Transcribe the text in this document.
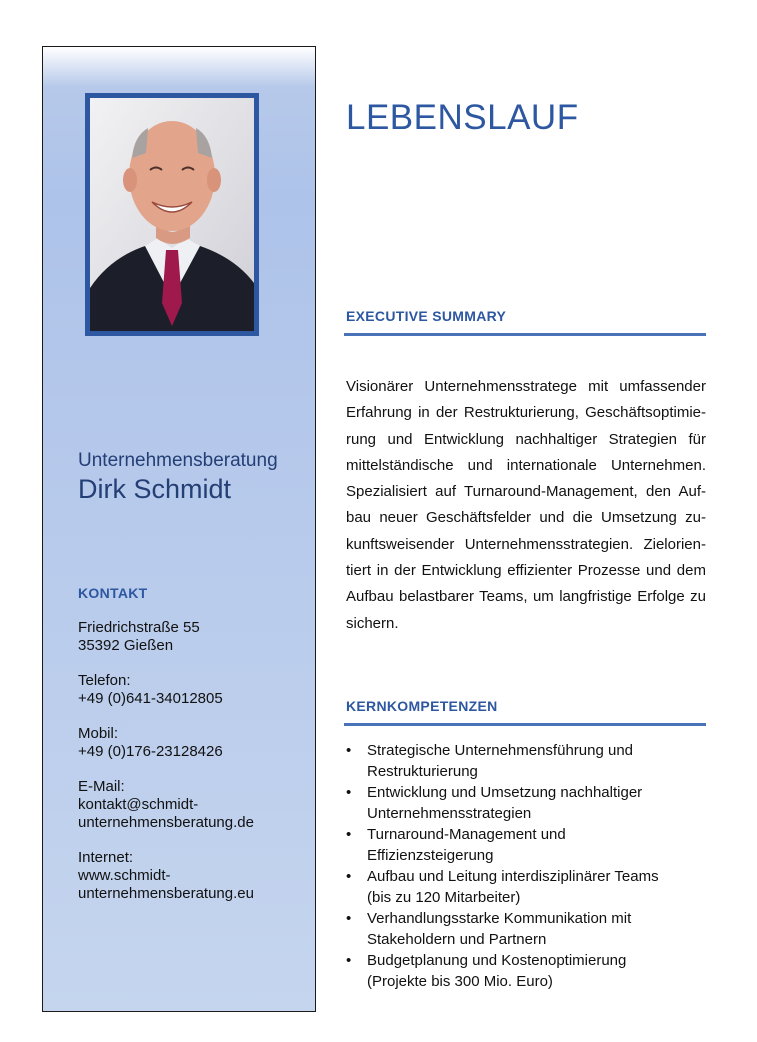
Unternehmensberatung
Dirk Schmidt
KONTAKT
Friedrichstraße 55
35392 Gießen
Telefon:
+49 (0)641-34012805
Mobil:
+49 (0)176-23128426
E-Mail:
kontakt@schmidt-
unternehmensberatung.de
Internet:
www.schmidt-
unternehmensberatung.eu
LEBENSLAUF
EXECUTIVE SUMMARY
Visionärer Unternehmensstratege mit umfassender Erfahrung in der Restrukturierung, Geschäftsoptimie-rung und Entwicklung nachhaltiger Strategien für mittelständische und internationale Unternehmen. Spezialisiert auf Turnaround-Management, den Auf-bau neuer Geschäftsfelder und die Umsetzung zu-kunftsweisender Unternehmensstrategien. Zielorien-tiert in der Entwicklung effizienter Prozesse und dem Aufbau belastbarer Teams, um langfristige Erfolge zu sichern.
KERNKOMPETENZEN
• Strategische Unternehmensführung und
Restrukturierung
• Entwicklung und Umsetzung nachhaltiger
Unternehmensstrategien
• Turnaround-Management und
Effizienzsteigerung
• Aufbau und Leitung interdisziplinärer Teams
(bis zu 120 Mitarbeiter)
• Verhandlungsstarke Kommunikation mit
Stakeholdern und Partnern
• Budgetplanung und Kostenoptimierung
(Projekte bis 300 Mio. Euro)
